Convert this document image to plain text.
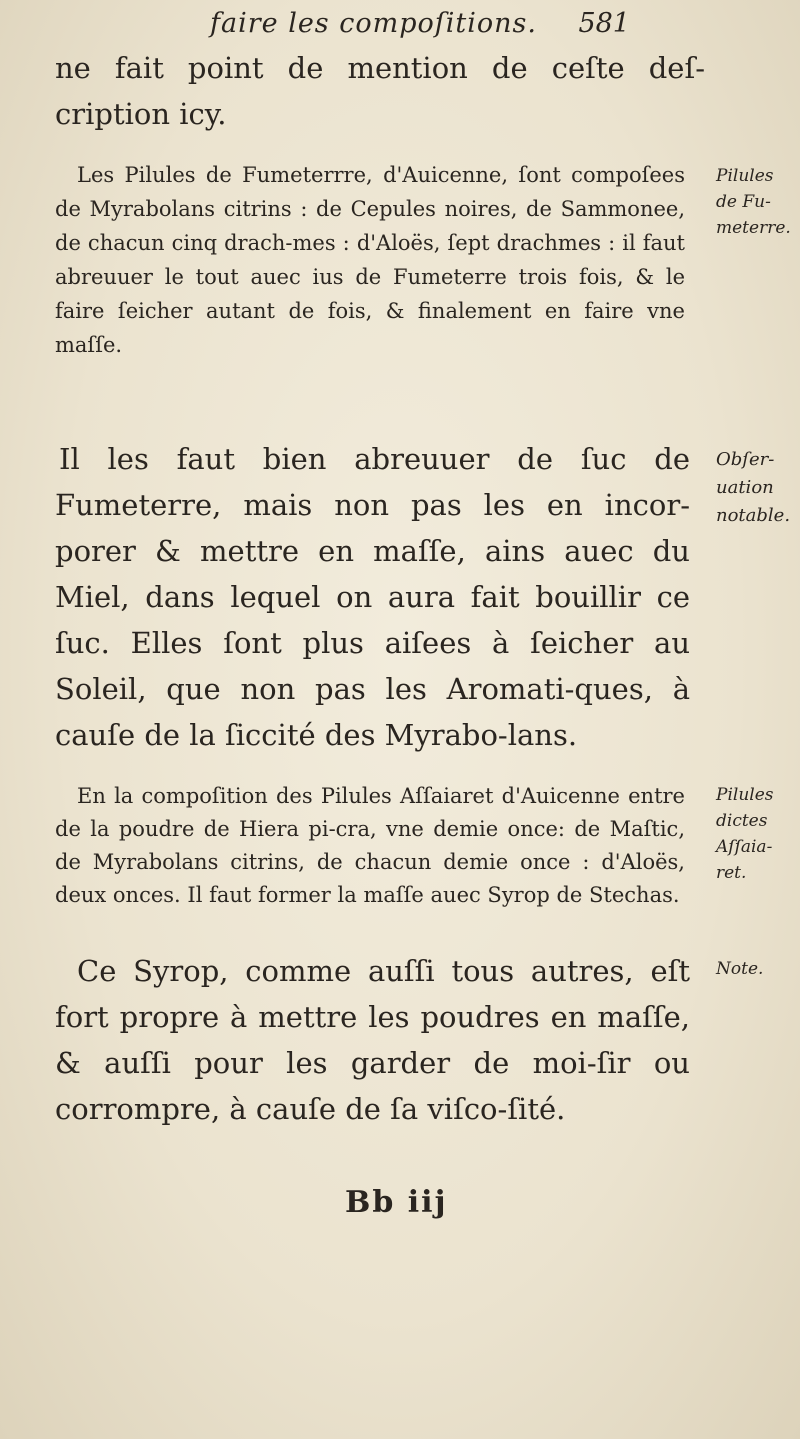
faire les compoſitions. 581

ne fait point de mention de ceſte deſ-cription icy.

Les Pilules de Fumeterrre, d'Auicenne, ſont compoſees de Myrabolans citrins : de Cepules noires, de Sammonee, de chacun cinq drach-mes : d'Aloës, ſept drachmes : il faut abreuuer le tout auec ius de Fumeterre trois fois, & le faire ſeicher autant de fois, & finalement en faire vne maſſe.

Il les faut bien abreuuer de ſuc de Fumeterre, mais non pas les en incor-porer & mettre en maſſe, ains auec du Miel, dans lequel on aura fait bouillir ce ſuc. Elles ſont plus aiſees à ſeicher au Soleil, que non pas les Aromati-ques, à cauſe de la ſiccité des Myrabo-lans.

En la compoſition des Pilules Aſſaiaret d'Auicenne entre de la poudre de Hiera pi-cra, vne demie once: de Maſtic, de Myrabolans citrins, de chacun demie once : d'Aloës, deux onces. Il faut former la maſſe auec Syrop de Stechas.

Ce Syrop, comme auſſi tous autres, eſt fort propre à mettre les poudres en maſſe, & auſſi pour les garder de moi-ſir ou corrompre, à cauſe de ſa viſco-ſité.

Pilules
de Fu-
meterre.

Obſer-
uation
notable.

Pilules
dictes
Aſſaia-
ret.

Note.

Bb iij
